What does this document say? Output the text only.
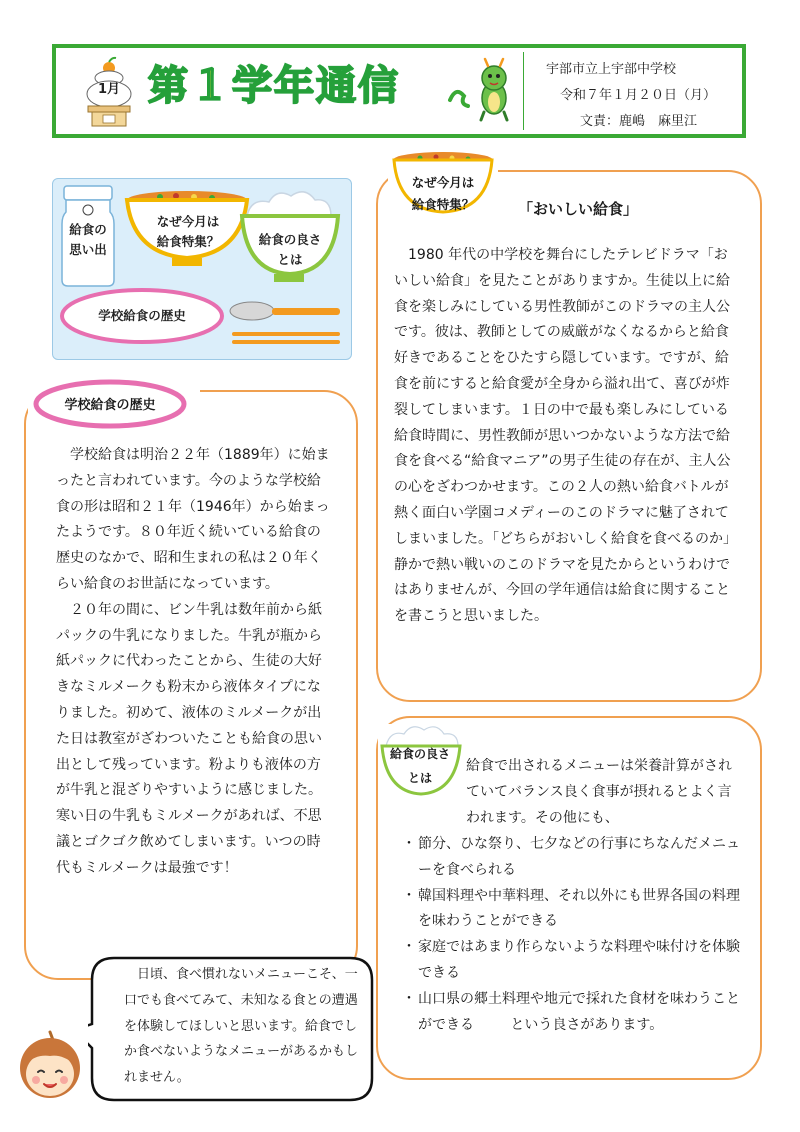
1月 第１学年通信	宇部市立上宇部中学校
令和７年１月２０日（月）
文責：鹿嶋　麻里江
給食の
思い出
なぜ今月は
給食特集？	給食の良さ
とは
学校給食の歴史
学校給食の歴史

学校給食は明治２２年（1889年）に始まったと言われています。今のような学校給食の形は昭和２１年（1946年）から始まったようです。８０年近く続いている給食の歴史のなかで、昭和生まれの私は２０年くらい給食のお世話になっています。

２０年の間に、ビン牛乳は数年前から紙パックの牛乳になりました。牛乳が瓶から紙パックに代わったことから、生徒の大好きなミルメークも粉末から液体タイプになりました。初めて、液体のミルメークが出た日は教室がざわついたことも給食の思い出として残っています。粉よりも液体の方が牛乳と混ざりやすいように感じました。寒い日の牛乳もミルメークがあれば、不思議とゴクゴク飲めてしまいます。いつの時代もミルメークは最強です！

なぜ今月は
給食特集？	「おいしい給食」

1980 年代の中学校を舞台にしたテレビドラマ「おいしい給食」を見たことがありますか。生徒以上に給食を楽しみにしている男性教師がこのドラマの主人公です。彼は、教師としての威厳がなくなるからと給食好きであることをひたすら隠しています。ですが、給食を前にすると給食愛が全身から溢れ出て、喜びが炸裂してしまいます。１日の中で最も楽しみにしている給食時間に、男性教師が思いつかないような方法で給食を食べる“給食マニア”の男子生徒の存在が、主人公の心をざわつかせます。この２人の熱い給食バトルが熱く面白い学園コメディーのこのドラマに魅了されてしまいました。「どちらがおいしく給食を食べるのか」静かで熱い戦いのこのドラマを見たからというわけではありませんが、今回の学年通信は給食に関することを書こうと思いました。

給食の良さ
とは
給食で出されるメニューは栄養計算がされていてバランス良く食事が摂れるとよく言われます。その他にも、
・ 節分、ひな祭り、七夕などの行事にちなんだメニューを食べられる
・ 韓国料理や中華料理、それ以外にも世界各国の料理を味わうことができる
・ 家庭ではあまり作らないような料理や味付けを体験できる
・ 山口県の郷土料理や地元で採れた食材を味わうことができる	という良さがあります。

日頃、食べ慣れないメニューこそ、一口でも食べてみて、未知なる食との遭遇を体験してほしいと思います。給食でしか食べないようなメニューがあるかもしれません。
